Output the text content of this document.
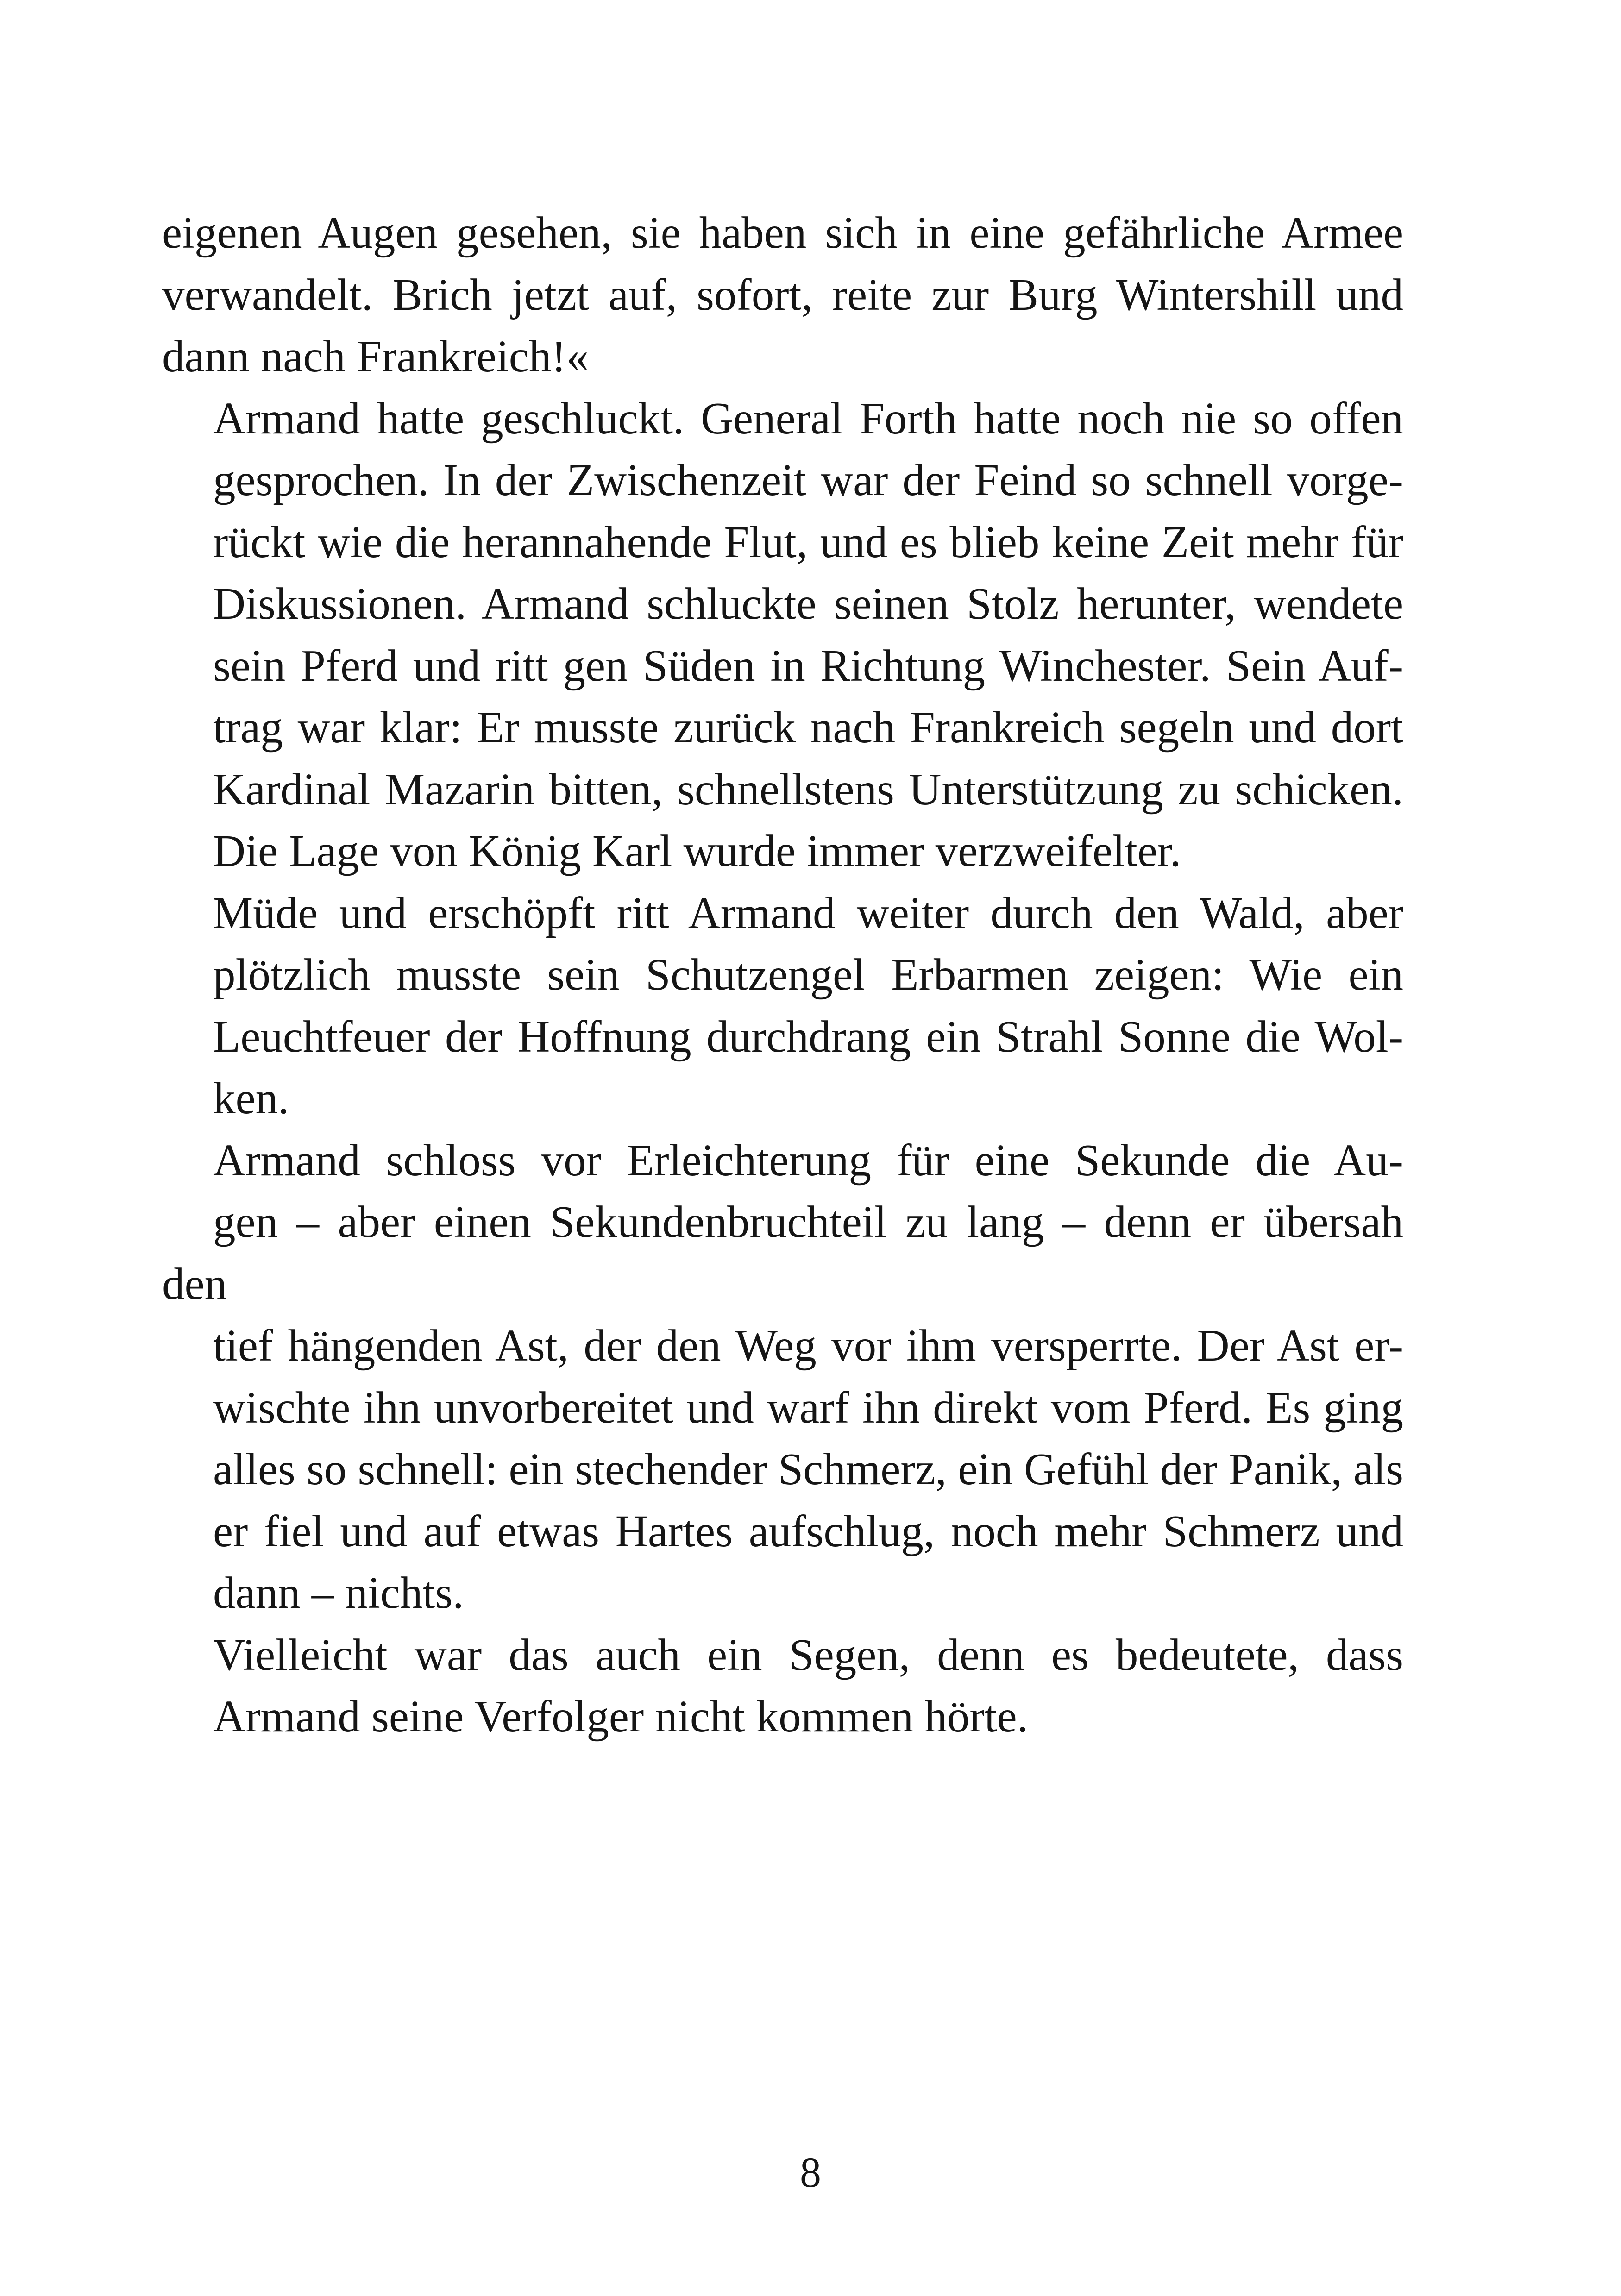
eigenen Augen gesehen, sie haben sich in eine gefährliche Armee
verwandelt. Brich jetzt auf, sofort, reite zur Burg Wintershill und
dann nach Frankreich!«

Armand hatte geschluckt. General Forth hatte noch nie so offen
gesprochen. In der Zwischenzeit war der Feind so schnell vorge-
rückt wie die herannahende Flut, und es blieb keine Zeit mehr für
Diskussionen. Armand schluckte seinen Stolz herunter, wendete
sein Pferd und ritt gen Süden in Richtung Winchester. Sein Auf-
trag war klar: Er musste zurück nach Frankreich segeln und dort
Kardinal Mazarin bitten, schnellstens Unterstützung zu schicken.
Die Lage von König Karl wurde immer verzweifelter.

Müde und erschöpft ritt Armand weiter durch den Wald, aber
plötzlich musste sein Schutzengel Erbarmen zeigen: Wie ein
Leuchtfeuer der Hoffnung durchdrang ein Strahl Sonne die Wol-
ken.

Armand schloss vor Erleichterung für eine Sekunde die Au-
gen – aber einen Sekundenbruchteil zu lang – denn er übersah den
tief hängenden Ast, der den Weg vor ihm versperrte. Der Ast er-
wischte ihn unvorbereitet und warf ihn direkt vom Pferd. Es ging
alles so schnell: ein stechender Schmerz, ein Gefühl der Panik, als
er fiel und auf etwas Hartes aufschlug, noch mehr Schmerz und
dann – nichts.

Vielleicht war das auch ein Segen, denn es bedeutete, dass
Armand seine Verfolger nicht kommen hörte.

8
